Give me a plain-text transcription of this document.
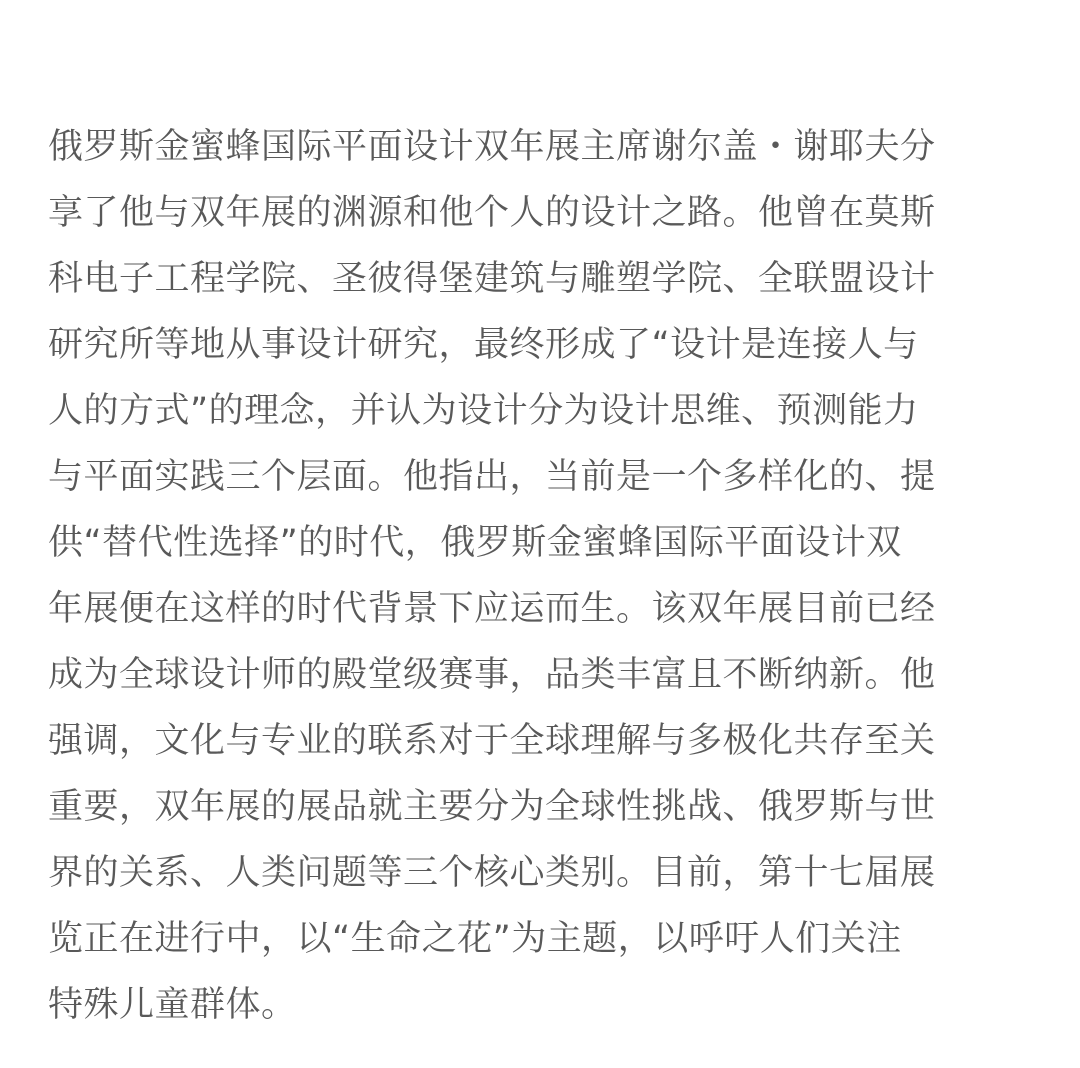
俄罗斯金蜜蜂国际平面设计双年展主席谢尔盖・谢耶夫分
享了他与双年展的渊源和他个人的设计之路。他曾在莫斯
科电子工程学院、圣彼得堡建筑与雕塑学院、全联盟设计
研究所等地从事设计研究，最终形成了“设计是连接人与
人的方式”的理念，并认为设计分为设计思维、预测能力
与平面实践三个层面。他指出，当前是一个多样化的、提
供“替代性选择”的时代，俄罗斯金蜜蜂国际平面设计双
年展便在这样的时代背景下应运而生。该双年展目前已经
成为全球设计师的殿堂级赛事，品类丰富且不断纳新。他
强调，文化与专业的联系对于全球理解与多极化共存至关
重要，双年展的展品就主要分为全球性挑战、俄罗斯与世
界的关系、人类问题等三个核心类别。目前，第十七届展
览正在进行中，以“生命之花”为主题，以呼吁人们关注
特殊儿童群体。
